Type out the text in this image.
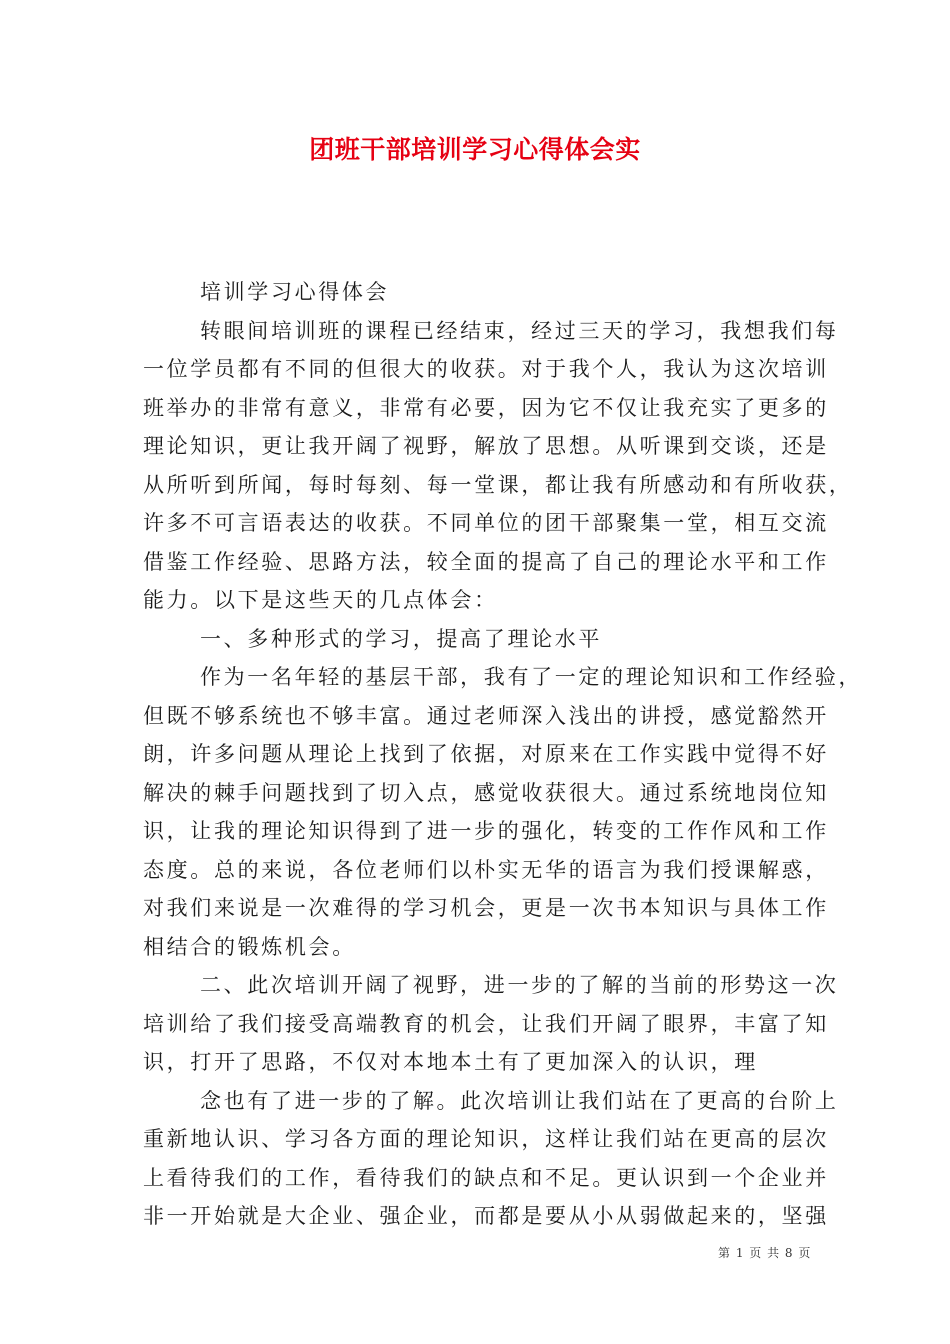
团班干部培训学习心得体会实
培训学习心得体会
转眼间培训班的课程已经结束，经过三天的学习，我想我们每
一位学员都有不同的但很大的收获。对于我个人，我认为这次培训
班举办的非常有意义，非常有必要，因为它不仅让我充实了更多的
理论知识，更让我开阔了视野，解放了思想。从听课到交谈，还是
从所听到所闻，每时每刻、每一堂课，都让我有所感动和有所收获，
许多不可言语表达的收获。不同单位的团干部聚集一堂，相互交流
借鉴工作经验、思路方法，较全面的提高了自己的理论水平和工作
能力。以下是这些天的几点体会：
一、多种形式的学习，提高了理论水平
作为一名年轻的基层干部，我有了一定的理论知识和工作经验，
但既不够系统也不够丰富。通过老师深入浅出的讲授，感觉豁然开
朗，许多问题从理论上找到了依据，对原来在工作实践中觉得不好
解决的棘手问题找到了切入点，感觉收获很大。通过系统地岗位知
识，让我的理论知识得到了进一步的强化，转变的工作作风和工作
态度。总的来说，各位老师们以朴实无华的语言为我们授课解惑，
对我们来说是一次难得的学习机会，更是一次书本知识与具体工作
相结合的锻炼机会。
二、此次培训开阔了视野，进一步的了解的当前的形势这一次
培训给了我们接受高端教育的机会，让我们开阔了眼界，丰富了知
识，打开了思路，不仅对本地本土有了更加深入的认识，理
念也有了进一步的了解。此次培训让我们站在了更高的台阶上
重新地认识、学习各方面的理论知识，这样让我们站在更高的层次
上看待我们的工作，看待我们的缺点和不足。更认识到一个企业并
非一开始就是大企业、强企业，而都是要从小从弱做起来的，坚强
第 1 页 共 8 页
